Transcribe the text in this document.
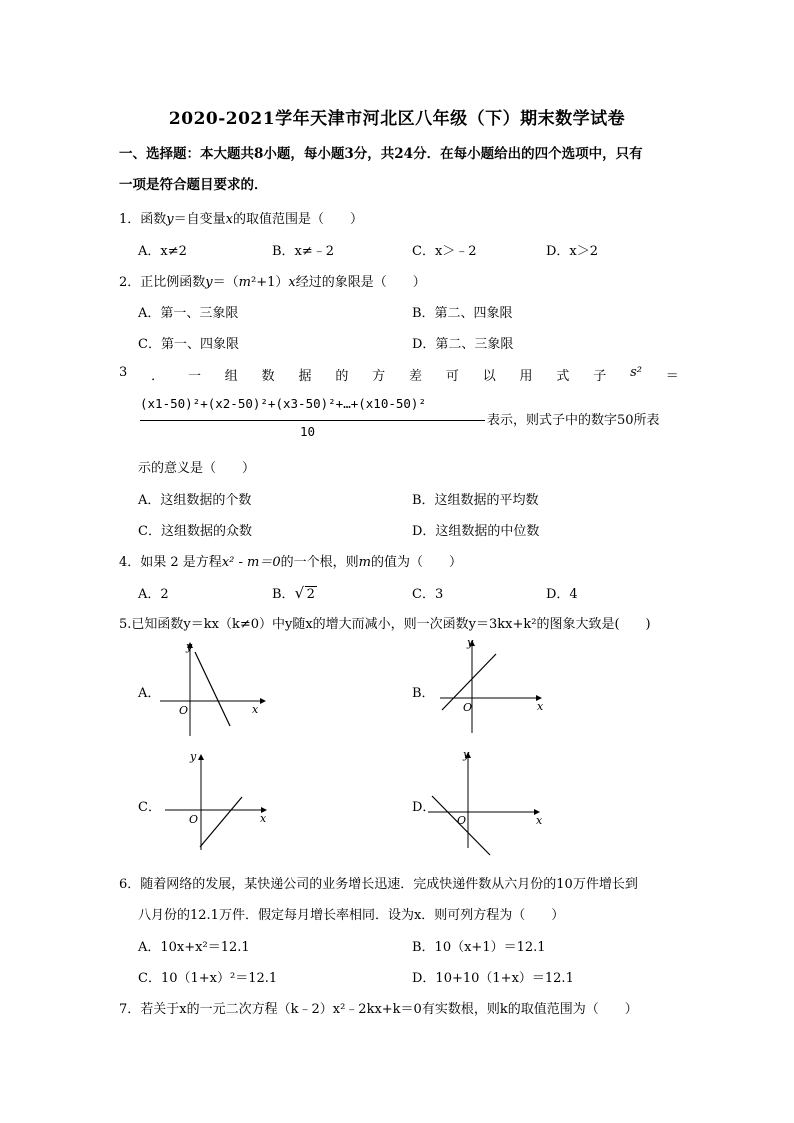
2020-2021学年天津市河北区八年级（下）期末数学试卷
一、选择题：本大题共8小题，每小题3分，共24分．在每小题给出的四个选项中，只有
一项是符合题目要求的．
1．函数y＝自变量x的取值范围是（　　）
A．x≠2	B．x≠﹣2	C．x＞﹣2	D．x＞2
2．正比例函数y＝（m²+1）x经过的象限是（　　）
A．第一、三象限	B．第二、四象限
C．第一、四象限	D．第二、三象限
3 ． 一 组 数 据 的 方 差 可 以 用 式 子 s² ＝
(x1-50)²+(x2-50)²+(x3-50)²+…+(x10-50)²
10
表示，则式子中的数字50所表
示的意义是（　　）
A．这组数据的个数	B．这组数据的平均数
C．这组数据的众数	D．这组数据的中位数
4．如果 2 是方程x² - m＝0的一个根，则m的值为（　　）
A．2	B． √ 2	C．3	D．4
5.已知函数y＝kx（k≠0）中y随x的增大而减小，则一次函数y＝3kx+k²的图象大致是(　　)
A．
y
x
O
B．
y
x
O
C．
y
x
O
D．
y
x
O
6．随着网络的发展，某快递公司的业务增长迅速．完成快递件数从六月份的10万件增长到
八月份的12.1万件．假定每月增长率相同．设为x．则可列方程为（　　）
A．10x+x²＝12.1	B．10（x+1）＝12.1
C．10（1+x）²＝12.1	D．10+10（1+x）＝12.1
7．若关于x的一元二次方程（k﹣2）x²﹣2kx+k＝0有实数根，则k的取值范围为（　　）
